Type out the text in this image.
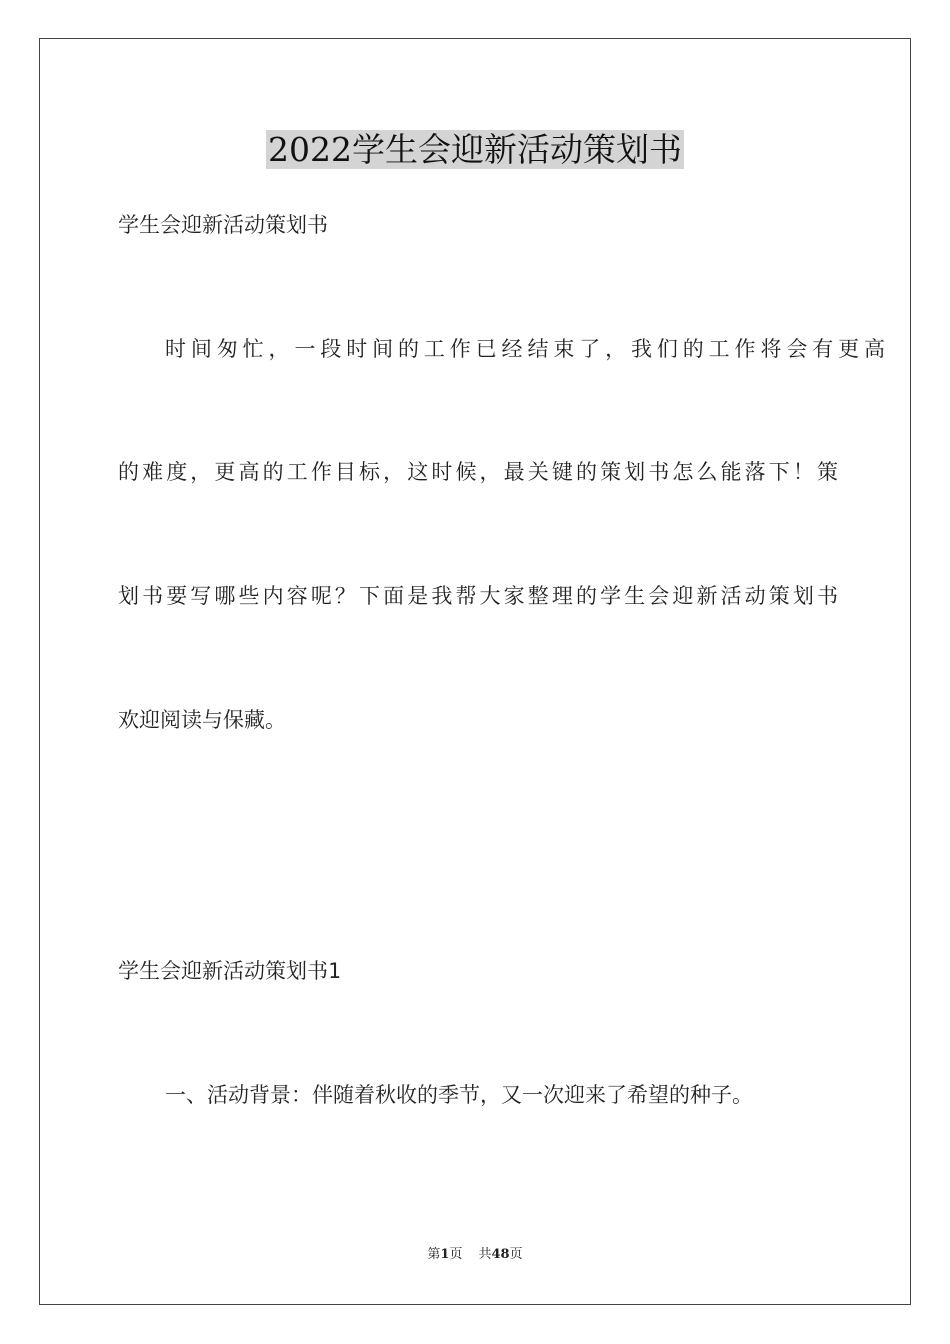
2022学生会迎新活动策划书

学生会迎新活动策划书

时间匆忙，一段时间的工作已经结束了，我们的工作将会有更高

的难度，更高的工作目标，这时候，最关键的策划书怎么能落下！策

划书要写哪些内容呢？下面是我帮大家整理的学生会迎新活动策划书

欢迎阅读与保藏。

学生会迎新活动策划书1

一、活动背景：伴随着秋收的季节，又一次迎来了希望的种子。

第1页 共48页
